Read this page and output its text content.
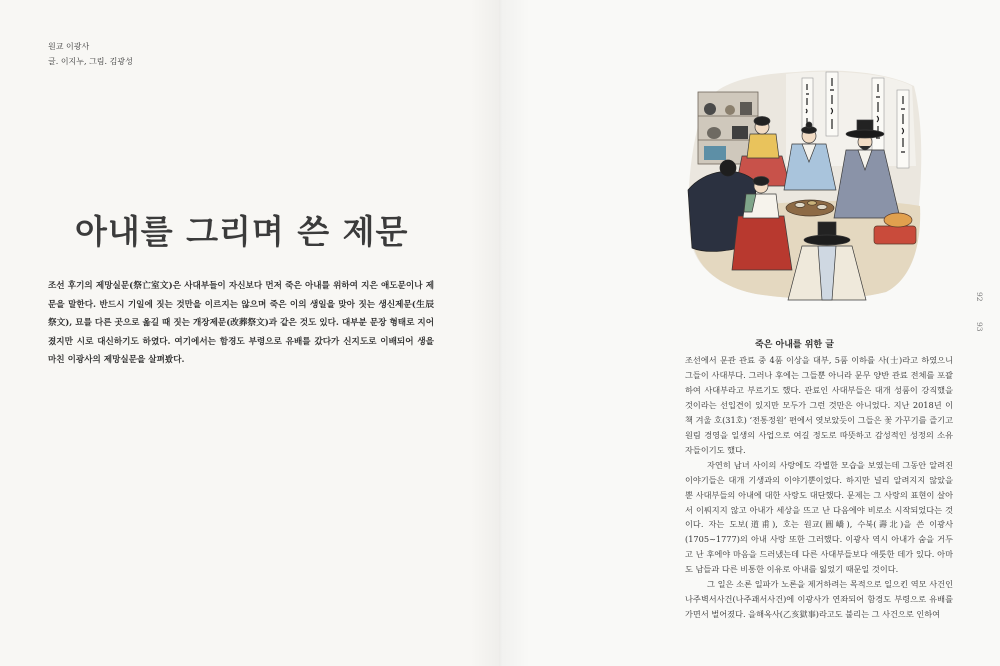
원교 이광사
글. 이지누, 그림. 김광성
아내를 그리며 쓴 제문

조선 후기의 제망실문(祭亡室文)은 사대부들이 자신보다 먼저 죽은 아내를 위하여 지은 애도문이나 제문을 말한다. 반드시 기일에 짓는 것만을 이르지는 않으며 죽은 이의 생일을 맞아 짓는 생신제문(生辰祭文), 묘를 다른 곳으로 옮길 때 짓는 개장제문(改葬祭文)과 같은 것도 있다. 대부분 문장 형태로 지어졌지만 시로 대신하기도 하였다. 여기에서는 함경도 부령으로 유배를 갔다가 신지도로 이배되어 생을 마친 이광사의 제망실문을 살펴봤다.

92
93
죽은 아내를 위한 글

조선에서 문관 관료 중 4품 이상을 대부, 5품 이하를 사(士)라고 하였으니 그들이 사대부다. 그러나 후에는 그들뿐 아니라 문무 양반 관료 전체를 포괄하여 사대부라고 부르기도 했다. 관료인 사대부들은 대개 성품이 강직했을 것이라는 선입견이 있지만 모두가 그런 것만은 아니었다. 지난 2018년 이 책 겨울 호(31호) ‘전통정원’ 편에서 엿보았듯이 그들은 꽃 가꾸기를 즐기고 원림 경영을 일생의 사업으로 여길 정도로 따뜻하고 감성적인 성정의 소유자들이기도 했다.

자연히 남녀 사이의 사랑에도 각별한 모습을 보였는데 그동안 알려진 이야기들은 대개 기생과의 이야기뿐이었다. 하지만 널리 알려지지 않았을 뿐 사대부들의 아내에 대한 사랑도 대단했다. 문제는 그 사랑의 표현이 살아서 이뤄지지 않고 아내가 세상을 뜨고 난 다음에야 비로소 시작되었다는 것이다. 자는 도보(道甫), 호는 원교(圓嶠), 수북(壽北)을 쓴 이광사(1705~1777)의 아내 사랑 또한 그러했다. 이광사 역시 아내가 숨을 거두고 난 후에야 마음을 드러냈는데 다른 사대부들보다 애틋한 데가 있다. 아마도 남들과 다른 비통한 이유로 아내를 잃었기 때문일 것이다.

그 일은 소론 일파가 노론을 제거하려는 목적으로 일으킨 역모 사건인 나주벽서사건(나주괘서사건)에 이광사가 연좌되어 함경도 부령으로 유배를 가면서 벌어졌다. 을해옥사(乙亥獄事)라고도 불리는 그 사건으로 인하여
